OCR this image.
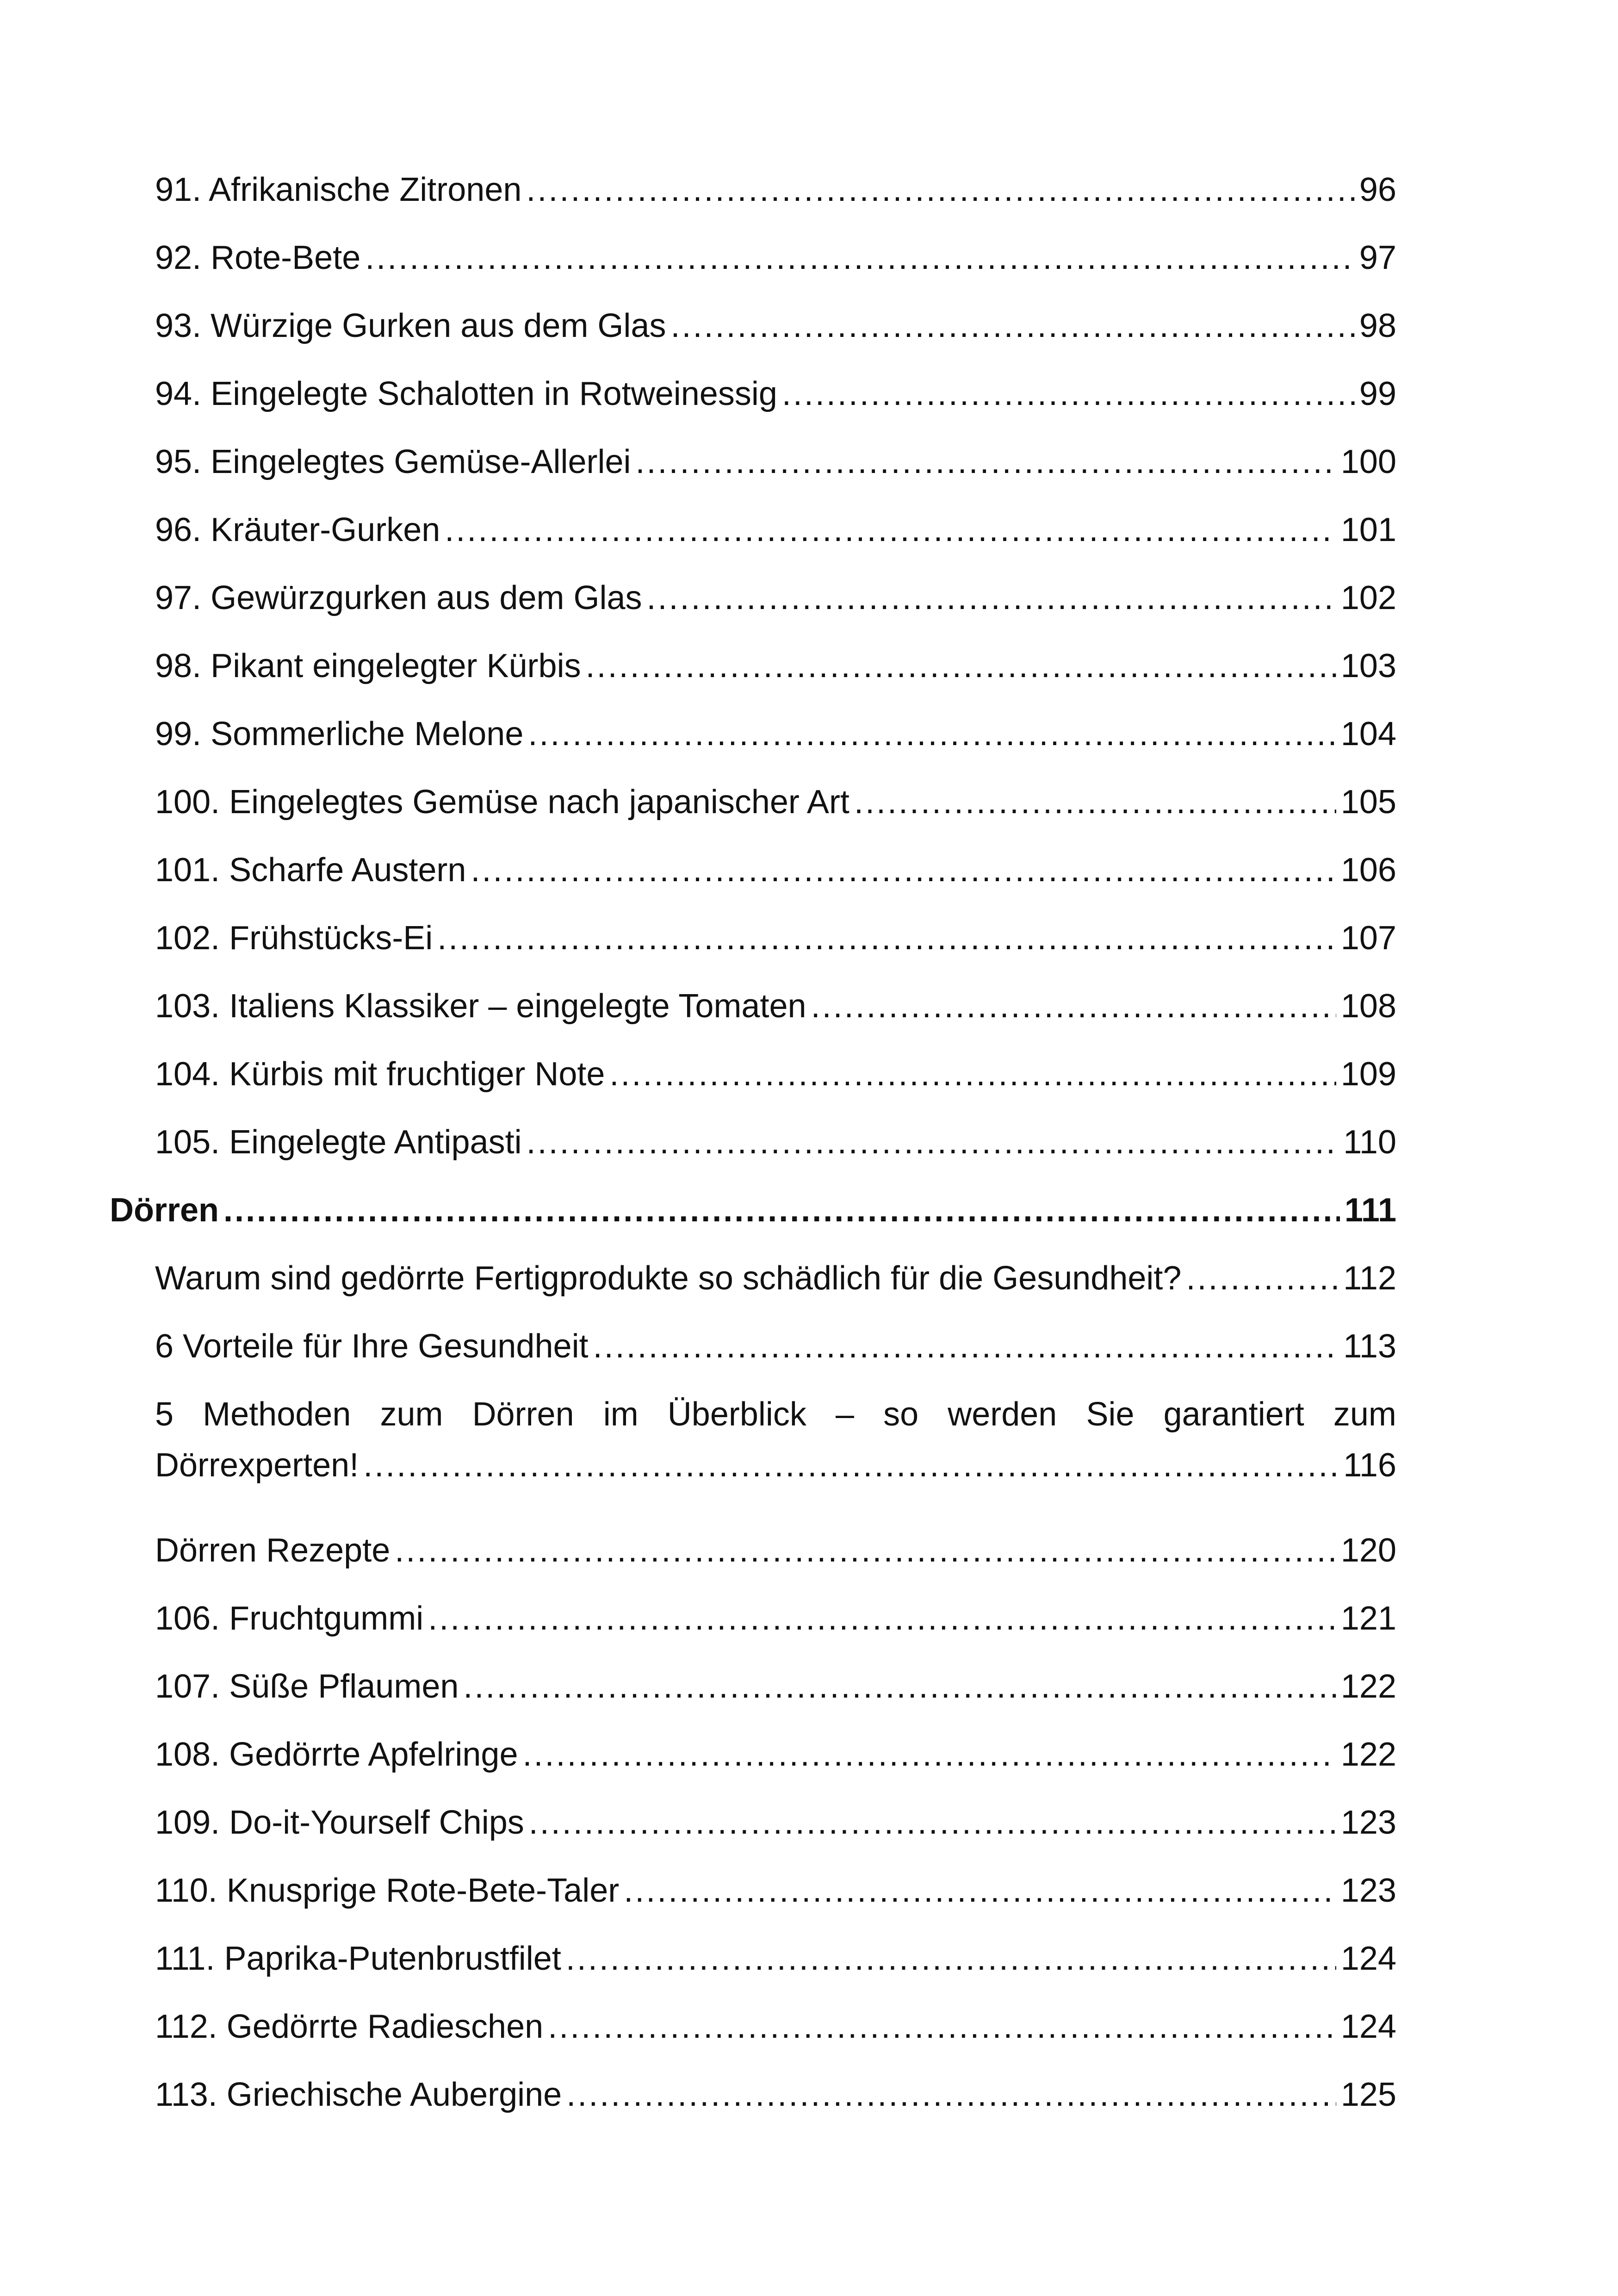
91. Afrikanische Zitronen .....	96
92. Rote-Bete .....	97
93. Würzige Gurken aus dem Glas .....	98
94. Eingelegte Schalotten in Rotweinessig .....	99
95. Eingelegtes Gemüse-Allerlei .....	100
96. Kräuter-Gurken .....	101
97. Gewürzgurken aus dem Glas .....	102
98. Pikant eingelegter Kürbis .....	103
99. Sommerliche Melone .....	104
100. Eingelegtes Gemüse nach japanischer Art .....	105
101. Scharfe Austern .....	106
102. Frühstücks-Ei .....	107
103. Italiens Klassiker – eingelegte Tomaten .....	108
104. Kürbis mit fruchtiger Note .....	109
105. Eingelegte Antipasti .....	110
Dörren .....	111
Warum sind gedörrte Fertigprodukte so schädlich für die Gesundheit? .....	112
6 Vorteile für Ihre Gesundheit .....	113
5 Methoden zum Dörren im Überblick – so werden Sie garantiert zum
Dörrexperten! .....	116
Dörren Rezepte .....	120
106. Fruchtgummi .....	121
107. Süße Pflaumen .....	122
108. Gedörrte Apfelringe .....	122
109. Do-it-Yourself Chips .....	123
110. Knusprige Rote-Bete-Taler .....	123
111. Paprika-Putenbrustfilet .....	124
112. Gedörrte Radieschen .....	124
113. Griechische Aubergine .....	125
